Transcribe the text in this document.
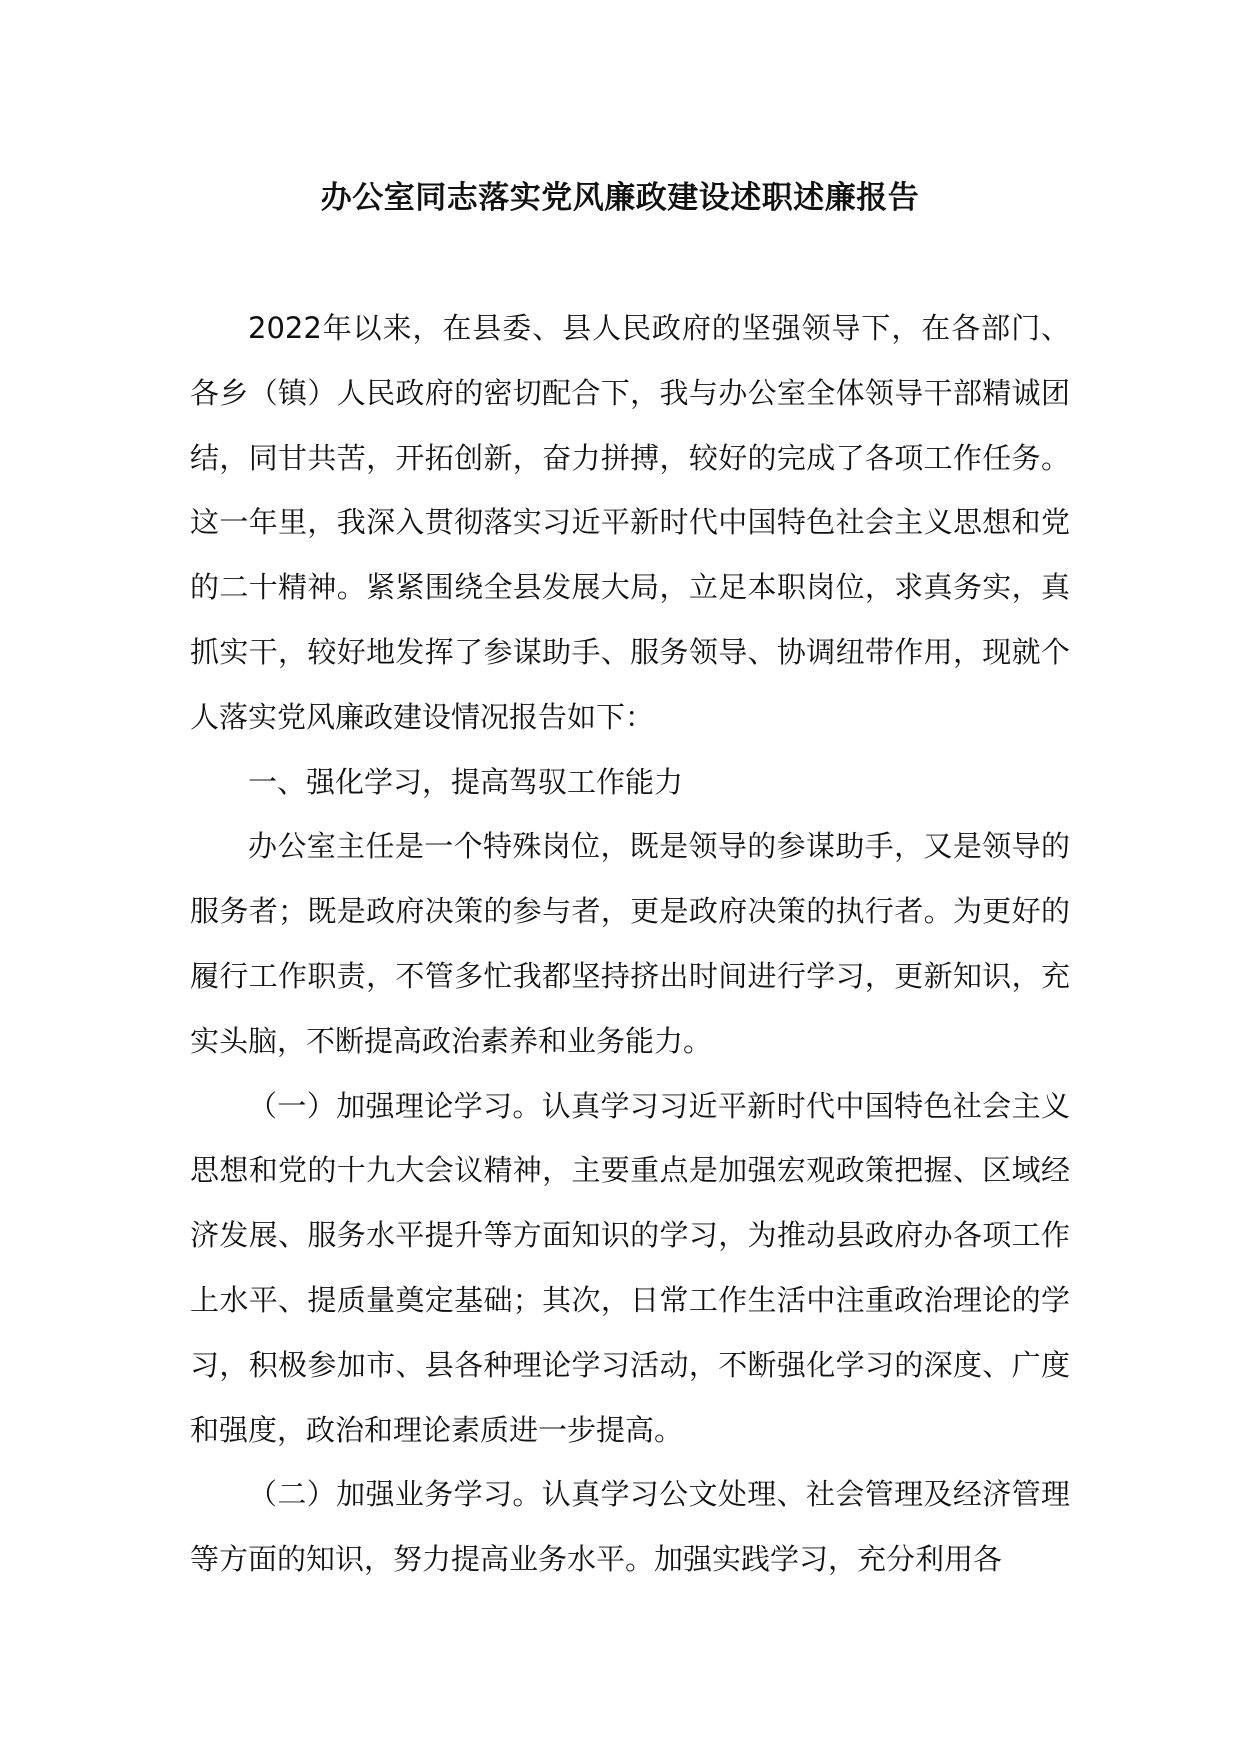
办公室同志落实党风廉政建设述职述廉报告

2022年以来，在县委、县人民政府的坚强领导下，在各部门、各乡（镇）人民政府的密切配合下，我与办公室全体领导干部精诚团结，同甘共苦，开拓创新，奋力拼搏，较好的完成了各项工作任务。这一年里，我深入贯彻落实习近平新时代中国特色社会主义思想和党的二十精神。紧紧围绕全县发展大局，立足本职岗位，求真务实，真抓实干，较好地发挥了参谋助手、服务领导、协调纽带作用，现就个人落实党风廉政建设情况报告如下：

一、强化学习，提高驾驭工作能力

办公室主任是一个特殊岗位，既是领导的参谋助手，又是领导的服务者；既是政府决策的参与者，更是政府决策的执行者。为更好的履行工作职责，不管多忙我都坚持挤出时间进行学习，更新知识，充实头脑，不断提高政治素养和业务能力。

（一）加强理论学习。认真学习习近平新时代中国特色社会主义思想和党的十九大会议精神，主要重点是加强宏观政策把握、区域经济发展、服务水平提升等方面知识的学习，为推动县政府办各项工作上水平、提质量奠定基础；其次，日常工作生活中注重政治理论的学习，积极参加市、县各种理论学习活动，不断强化学习的深度、广度和强度，政治和理论素质进一步提高。

（二）加强业务学习。认真学习公文处理、社会管理及经济管理等方面的知识，努力提高业务水平。加强实践学习，充分利用各
